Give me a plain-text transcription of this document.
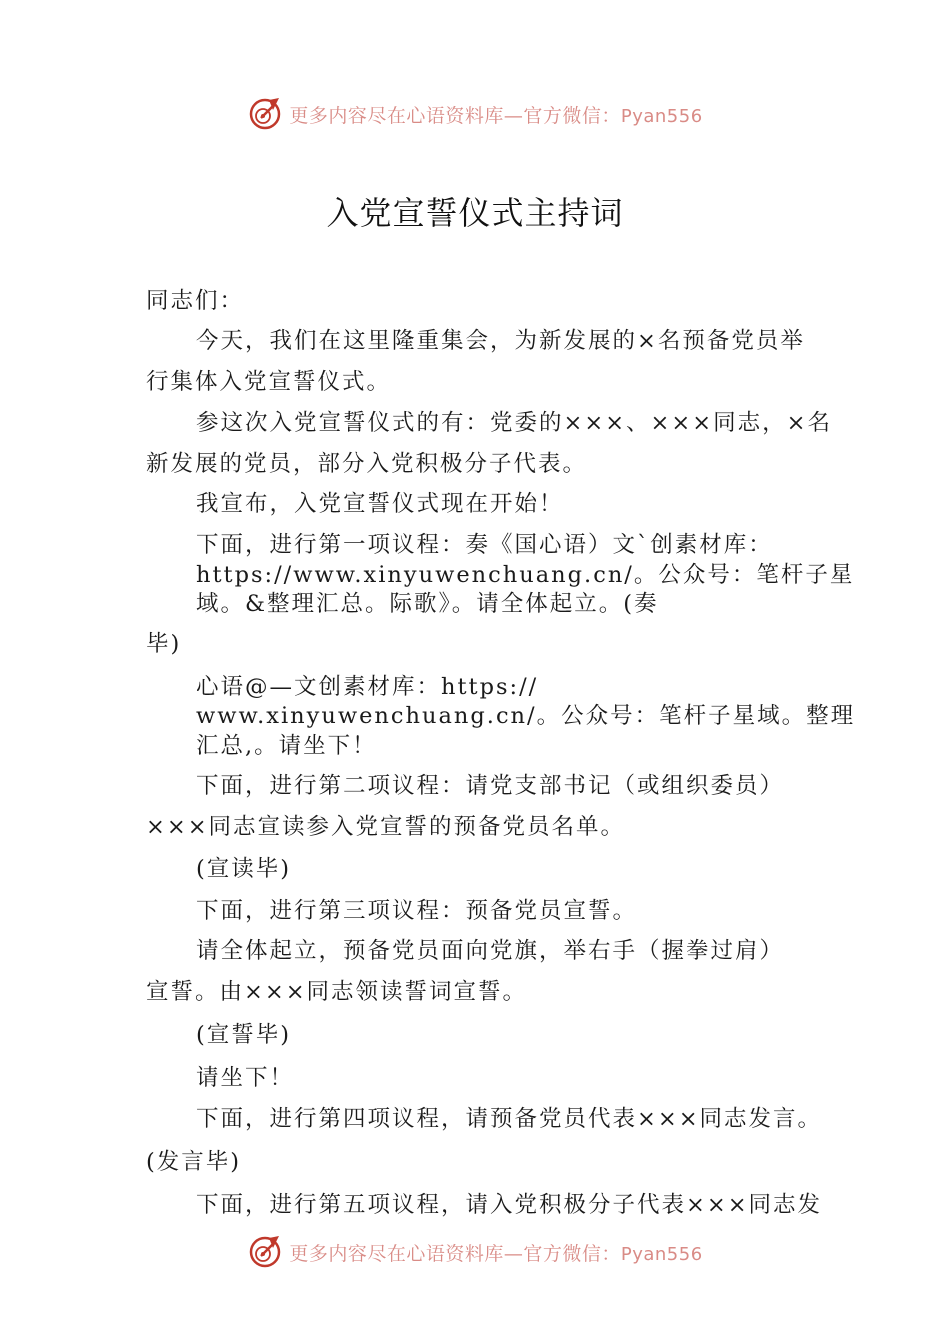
更多内容尽在心语资料库—官方微信：Pyan556
入党宣誓仪式主持词
同志们：
今天，我们在这里隆重集会，为新发展的×名预备党员举
行集体入党宣誓仪式。
参这次入党宣誓仪式的有：党委的×××、×××同志，×名
新发展的党员，部分入党积极分子代表。
我宣布，入党宣誓仪式现在开始！
下面，进行第一项议程：奏《国心语）文`创素材库：
https://www.xinyuwenchuang.cn/。公众号：笔杆子星
域。&整理汇总。际歌》。请全体起立。(奏
毕)
心语@—文创素材库：https://
www.xinyuwenchuang.cn/。公众号：笔杆子星域。整理
汇总,。请坐下！
下面，进行第二项议程：请党支部书记（或组织委员）
×××同志宣读参入党宣誓的预备党员名单。
(宣读毕)
下面，进行第三项议程：预备党员宣誓。
请全体起立，预备党员面向党旗，举右手（握拳过肩）
宣誓。由×××同志领读誓词宣誓。
(宣誓毕)
请坐下！
下面，进行第四项议程，请预备党员代表×××同志发言。
(发言毕)
下面，进行第五项议程，请入党积极分子代表×××同志发
更多内容尽在心语资料库—官方微信：Pyan556
